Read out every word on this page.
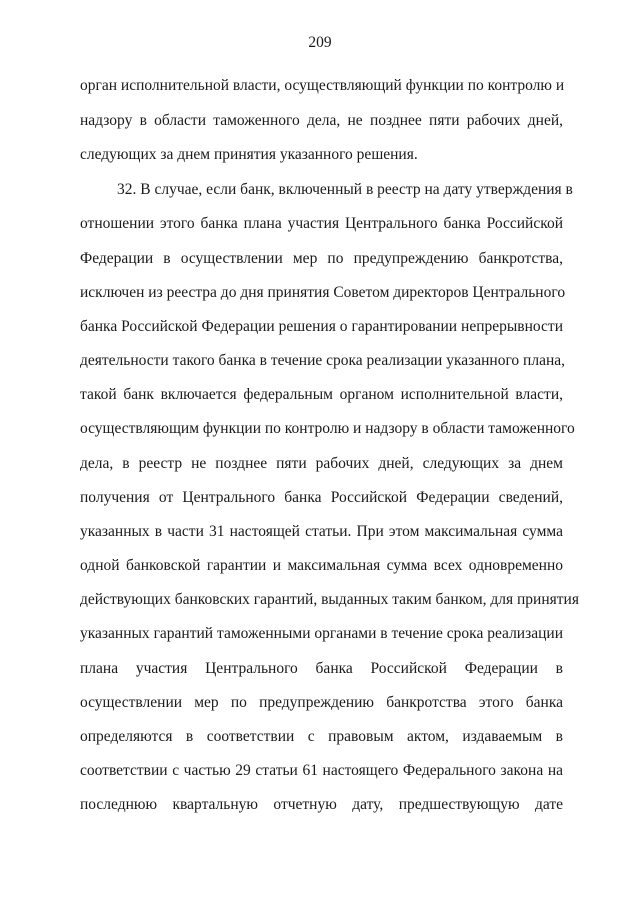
209
орган исполнительной власти, осуществляющий функции по контролю и
надзору в области таможенного дела, не позднее пяти рабочих дней,
следующих за днем принятия указанного решения.
32. В случае, если банк, включенный в реестр на дату утверждения в
отношении этого банка плана участия Центрального банка Российской
Федерации в осуществлении мер по предупреждению банкротства,
исключен из реестра до дня принятия Советом директоров Центрального
банка Российской Федерации решения о гарантировании непрерывности
деятельности такого банка в течение срока реализации указанного плана,
такой банк включается федеральным органом исполнительной власти,
осуществляющим функции по контролю и надзору в области таможенного
дела, в реестр не позднее пяти рабочих дней, следующих за днем
получения от Центрального банка Российской Федерации сведений,
указанных в части 31 настоящей статьи. При этом максимальная сумма
одной банковской гарантии и максимальная сумма всех одновременно
действующих банковских гарантий, выданных таким банком, для принятия
указанных гарантий таможенными органами в течение срока реализации
плана участия Центрального банка Российской Федерации в
осуществлении мер по предупреждению банкротства этого банка
определяются в соответствии с правовым актом, издаваемым в
соответствии с частью 29 статьи 61 настоящего Федерального закона на
последнюю квартальную отчетную дату, предшествующую дате
